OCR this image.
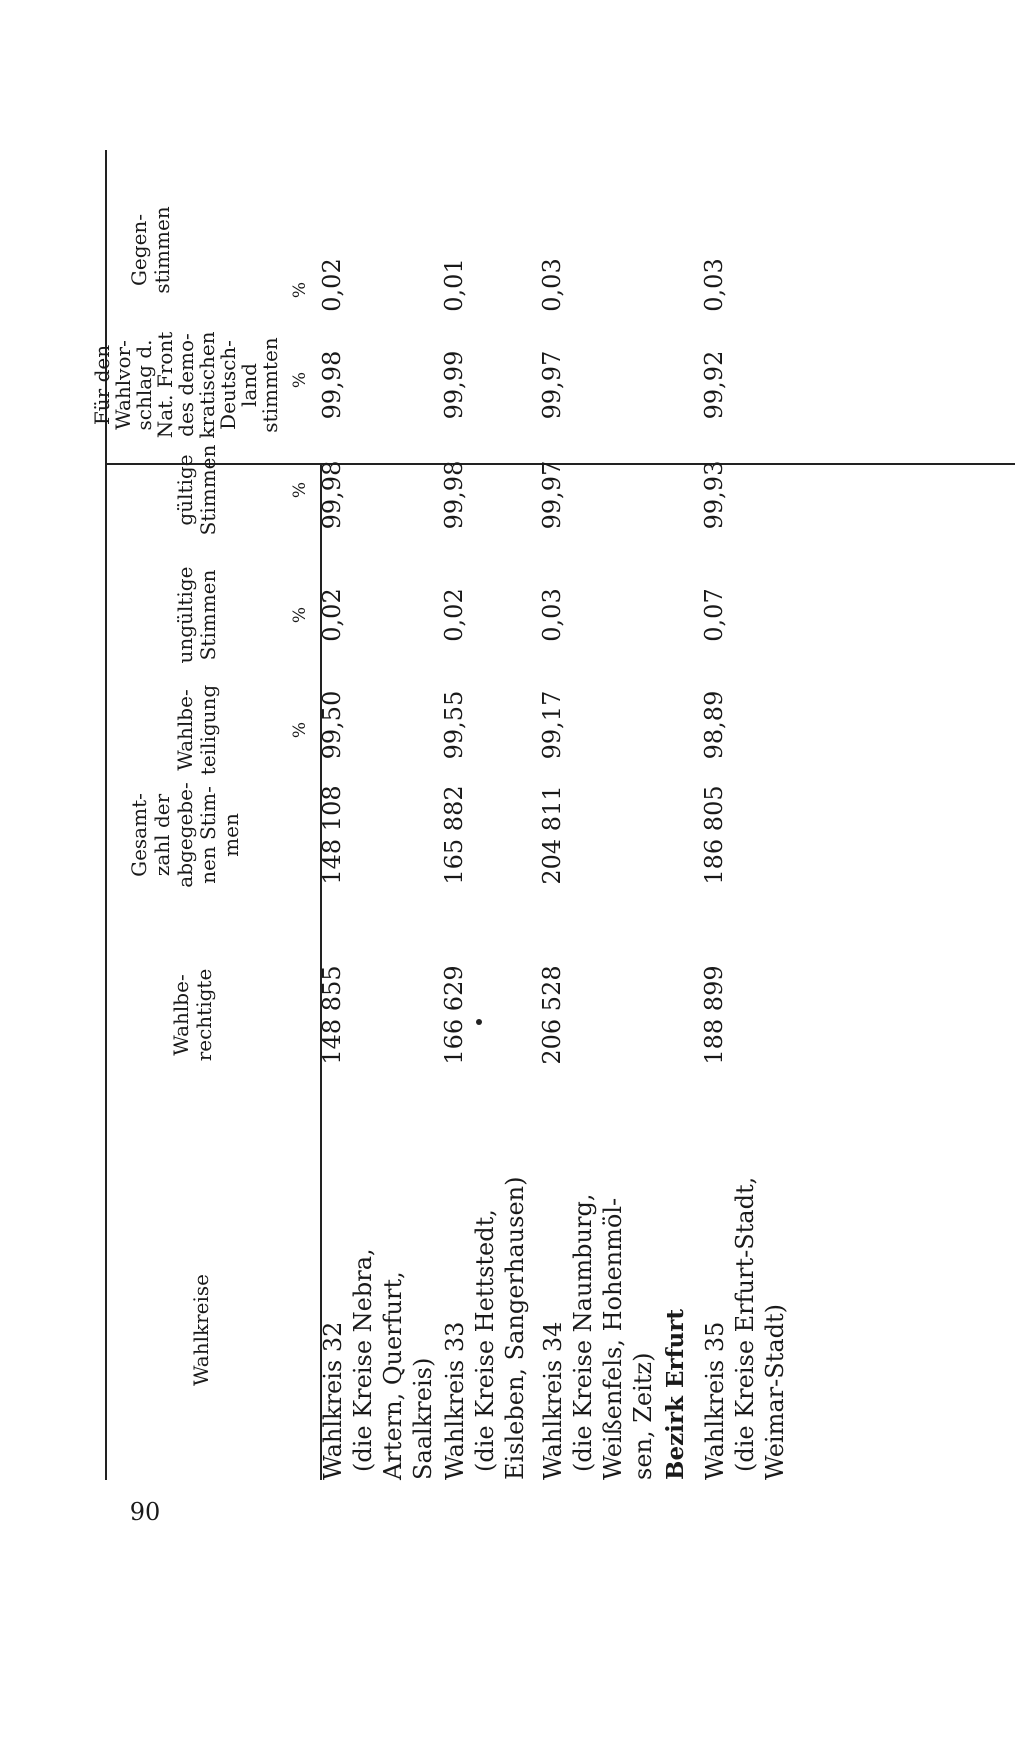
90
Wahlkreise
Wahlbe- rechtigte
Gesamt- zahl der abgegebe- nen Stim- men
Wahlbe- teiligung
ungültige Stimmen
gültige Stimmen
Für den
Wahlvor-
schlag d.
Nat. Front
des demo-
kratischen
Deutsch-
land
stimmten
Gegen- stimmen
%
%
%
%
%
Wahlkreis 32 (die Kreise Nebra, Artern, Querfurt, Saalkreis)
148 855
148 108
99,50
0,02
99,98
99,98
0,02
Wahlkreis 33 (die Kreise Hettstedt, Eisleben, Sangerhausen)
166 629
165 882
99,55
0,02
99,98
99,99
0,01
Wahlkreis 34 (die Kreise Naumburg, Weißenfels, Hohenmöl- sen, Zeitz)
206 528
204 811
99,17
0,03
99,97
99,97
0,03
Bezirk Erfurt Wahlkreis 35 (die Kreise Erfurt-Stadt, Weimar-Stadt)
188 899
186 805
98,89
0,07
99,93
99,92
0,03
